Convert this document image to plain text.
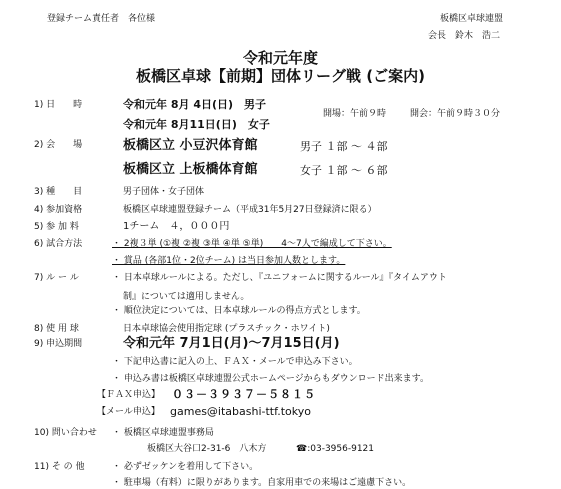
登録チーム責任者　各位様	板橋区卓球連盟
会長　鈴木　浩二
令和元年度
板橋区卓球【前期】団体リーグ戦 (ご案内)
1) 日　　時	令和元年 8月 4日(日)　男子
令和元年 8月11日(日)　女子
開場：午前９時	開会：午前９時３０分
2) 会　　場	板橋区立 小豆沢体育館	男子 １部 ～ ４部
板橋区立 上板橋体育館	女子 １部 ～ ６部
3) 種　　目	男子団体・女子団体
4) 参加資格	板橋区卓球連盟登録チーム（平成31年5月27日登録済に限る）
5) 参 加 料	1チーム　４，０００円
6) 試合方法	・ 2複３単 (①複 ②複 ③単 ④単 ⑤単)　　4～7人で編成して下さい。
・ 賞品 (各部1位・2位チーム) は当日参加人数とします。
7) ル ー ル	・ 日本卓球ルールによる。ただし、『ユニフォームに関するルール』『タイムアウト
制』については適用しません。
・ 順位決定については、日本卓球ルールの得点方式とします。
8) 使 用 球	日本卓球協会使用指定球 (プラスチック・ホワイト)
9) 申込期間	令和元年 7月1日(月)～7月15日(月)
・ 下記申込書に記入の上、ＦＡＸ・メールで申込み下さい。
・ 申込み書は板橋区卓球連盟公式ホームページからもダウンロード出来ます。
【ＦＡＸ申込】 ０３－３９３７－５８１５
【メール申込】 games@itabashi-ttf.tokyo
10) 問い合わせ ・ 板橋区卓球連盟事務局
板橋区大谷口2-31-6　八木方	☎:03-3956-9121
11) そ の 他	・ 必ずゼッケンを着用して下さい。
・ 駐車場（有料）に限りがあります。自家用車での来場はご遠慮下さい。
